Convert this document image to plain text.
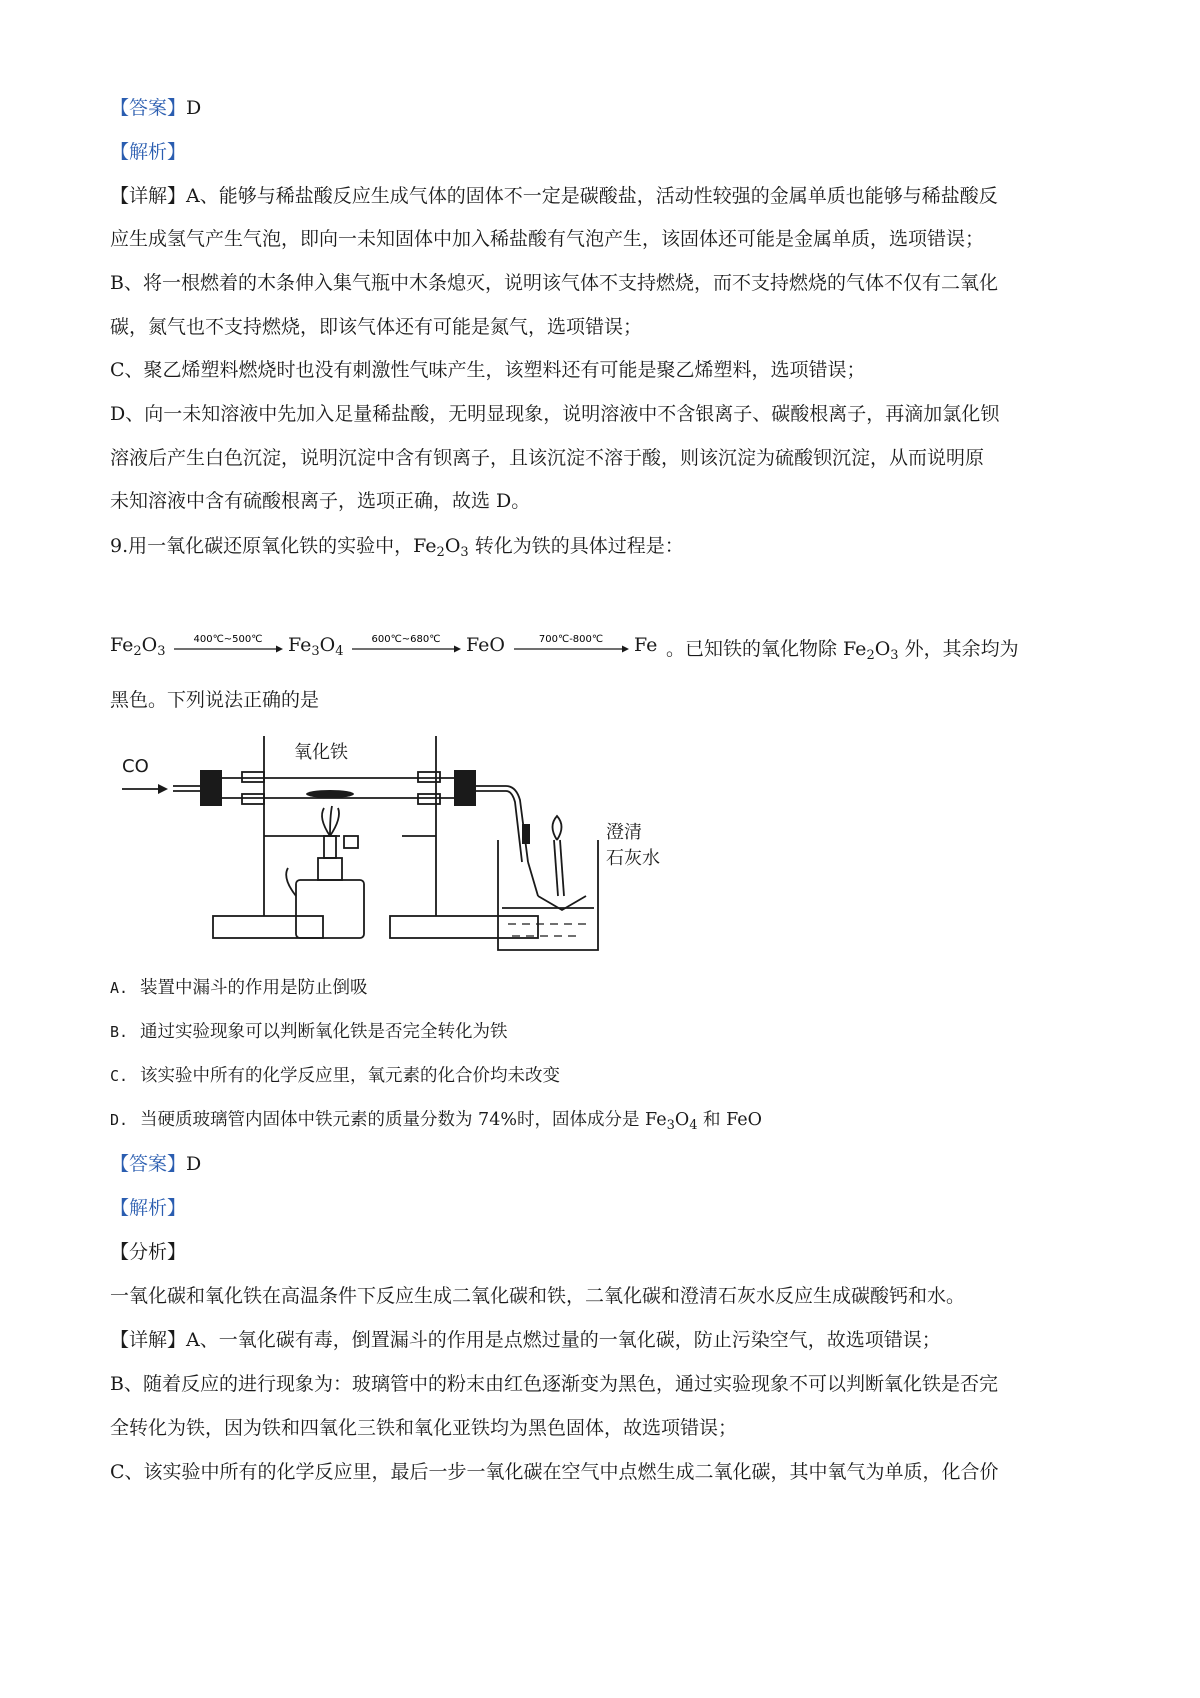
【答案】D
【解析】
【详解】A、能够与稀盐酸反应生成气体的固体不一定是碳酸盐，活动性较强的金属单质也能够与稀盐酸反
应生成氢气产生气泡，即向一未知固体中加入稀盐酸有气泡产生，该固体还可能是金属单质，选项错误；
B、将一根燃着的木条伸入集气瓶中木条熄灭，说明该气体不支持燃烧，而不支持燃烧的气体不仅有二氧化
碳，氮气也不支持燃烧，即该气体还有可能是氮气，选项错误；
C、聚乙烯塑料燃烧时也没有刺激性气味产生，该塑料还有可能是聚乙烯塑料，选项错误；
D、向一未知溶液中先加入足量稀盐酸，无明显现象，说明溶液中不含银离子、碳酸根离子，再滴加氯化钡
溶液后产生白色沉淀，说明沉淀中含有钡离子，且该沉淀不溶于酸，则该沉淀为硫酸钡沉淀，从而说明原
未知溶液中含有硫酸根离子，选项正确，故选 D。
9.用一氧化碳还原氧化铁的实验中，$Fe_2O_3$ 转化为铁的具体过程是：
$Fe_2O_3$
400℃~500℃ $Fe_3O_4$
600℃~680℃ FeO	700℃-800℃ Fe 。已知铁的氧化物除 $Fe_2O_3$ 外，其余均为
黑色。下列说法正确的是
CO
氧化铁
澄清
石灰水
A. 装置中漏斗的作用是防止倒吸
B. 通过实验现象可以判断氧化铁是否完全转化为铁
C. 该实验中所有的化学反应里，氧元素的化合价均未改变
D. 当硬质玻璃管内固体中铁元素的质量分数为 74%时，固体成分是 $Fe_3O_4$ 和 FeO
【答案】D
【解析】
【分析】
一氧化碳和氧化铁在高温条件下反应生成二氧化碳和铁，二氧化碳和澄清石灰水反应生成碳酸钙和水。
【详解】A、一氧化碳有毒，倒置漏斗的作用是点燃过量的一氧化碳，防止污染空气，故选项错误；
B、随着反应的进行现象为：玻璃管中的粉末由红色逐渐变为黑色，通过实验现象不可以判断氧化铁是否完
全转化为铁，因为铁和四氧化三铁和氧化亚铁均为黑色固体，故选项错误；
C、该实验中所有的化学反应里，最后一步一氧化碳在空气中点燃生成二氧化碳，其中氧气为单质，化合价
